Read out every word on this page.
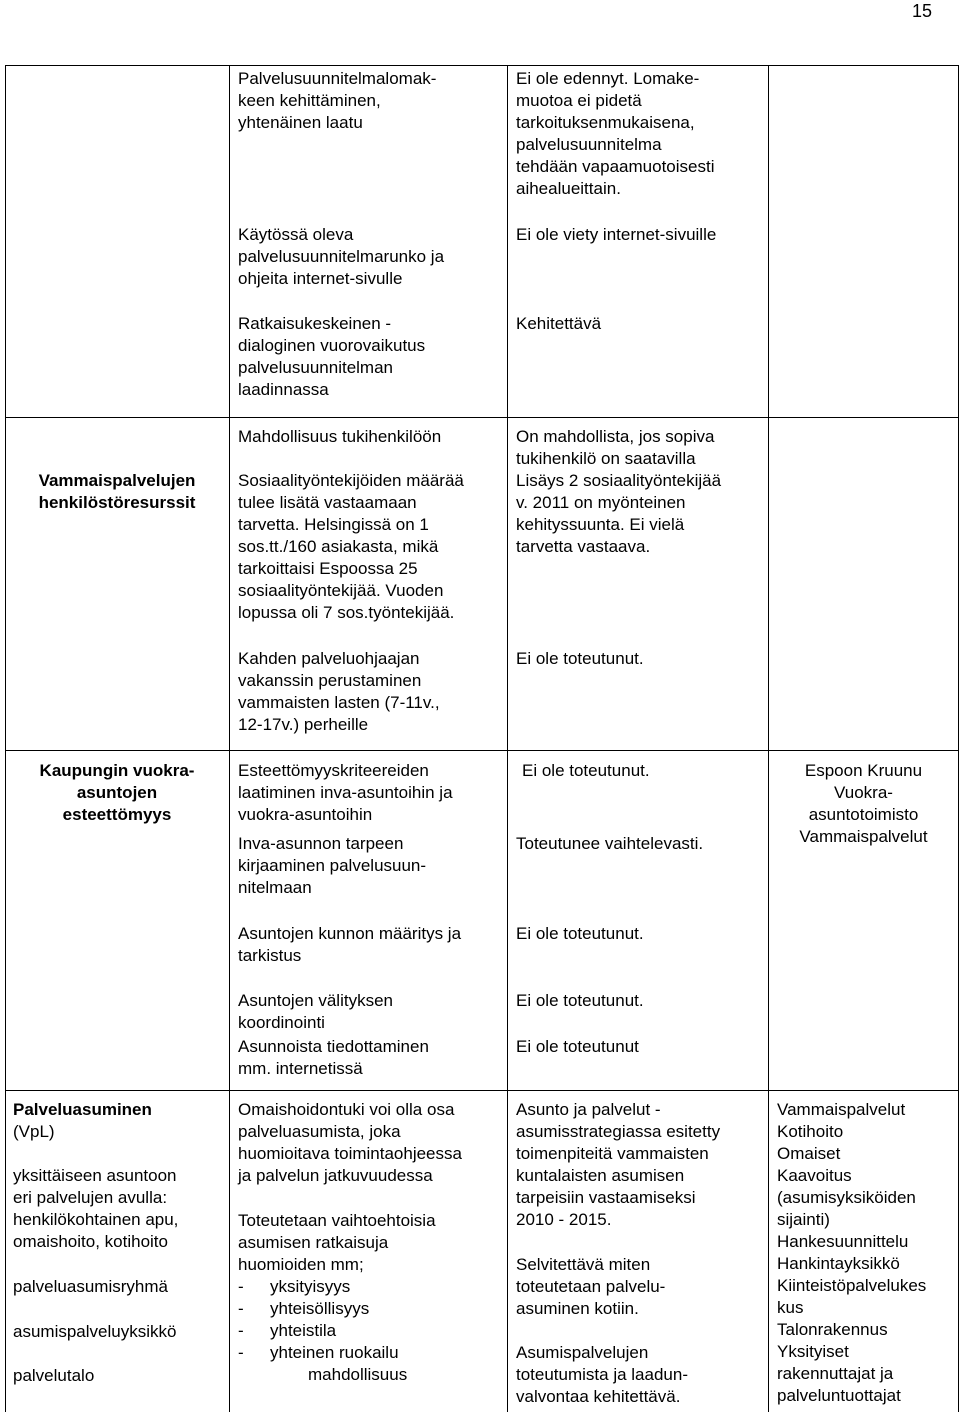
15
Palvelusuunnitelmalomak-
keen kehittäminen,
yhtenäinen laatu
Ei ole edennyt. Lomake-
muotoa ei pidetä
tarkoituksenmukaisena,
palvelusuunnitelma
tehdään vapaamuotoisesti
aihealueittain.
Käytössä oleva
palvelusuunnitelmarunko ja
ohjeita internet-sivulle
Ei ole viety internet-sivuille
Ratkaisukeskeinen -
dialoginen vuorovaikutus
palvelusuunnitelman
laadinnassa
Kehitettävä
Vammaispalvelujen
henkilöstöresurssit
Mahdollisuus tukihenkilöön
Sosiaalityöntekijöiden määrää
tulee lisätä vastaamaan
tarvetta. Helsingissä on 1
sos.tt./160 asiakasta, mikä
tarkoittaisi Espoossa 25
sosiaalityöntekijää. Vuoden
lopussa oli 7 sos.työntekijää.
On mahdollista, jos sopiva
tukihenkilö on saatavilla
Lisäys 2 sosiaalityöntekijää
v. 2011 on myönteinen
kehityssuunta. Ei vielä
tarvetta vastaava.
Kahden palveluohjaajan
vakanssin perustaminen
vammaisten lasten (7-11v.,
12-17v.) perheille
Ei ole toteutunut.
Kaupungin vuokra-
asuntojen
esteettömyys
Esteettömyyskriteereiden
laatiminen inva-asuntoihin ja
vuokra-asuntoihin
Inva-asunnon tarpeen
kirjaaminen palvelusuun-
nitelmaan
Ei ole toteutunut.
Toteutunee vaihtelevasti.
Espoon Kruunu
Vuokra-
asuntotoimisto
Vammaispalvelut
Asuntojen kunnon määritys ja
tarkistus
Ei ole toteutunut.
Asuntojen välityksen
koordinointi
Asunnoista tiedottaminen
mm. internetissä
Ei ole toteutunut.
Ei ole toteutunut
Palveluasuminen
(VpL)
yksittäiseen asuntoon
eri palvelujen avulla:
henkilökohtainen apu,
omaishoito, kotihoito
palveluasumisryhmä
asumispalveluyksikkö
palvelutalo
Omaishoidontuki voi olla osa
palveluasumista, joka
huomioitava toimintaohjeessa
ja palvelun jatkuvuudessa
Toteutetaan vaihtoehtoisia
asumisen ratkaisuja
huomioiden mm;
- yksityisyys
- yhteisöllisyys
- yhteistila
- yhteinen ruokailu
mahdollisuus
Asunto ja palvelut -
asumisstrategiassa esitetty
toimenpiteitä vammaisten
kuntalaisten asumisen
tarpeisiin vastaamiseksi
2010 - 2015.
Selvitettävä miten
toteutetaan palvelu-
asuminen kotiin.
Asumispalvelujen
toteutumista ja laadun-
valvontaa kehitettävä.
Vammaispalvelut
Kotihoito
Omaiset
Kaavoitus
(asumisyksiköiden
sijainti)
Hankesuunnittelu
Hankintayksikkö
Kiinteistöpalvelukes
kus
Talonrakennus
Yksityiset
rakennuttajat ja
palveluntuottajat
